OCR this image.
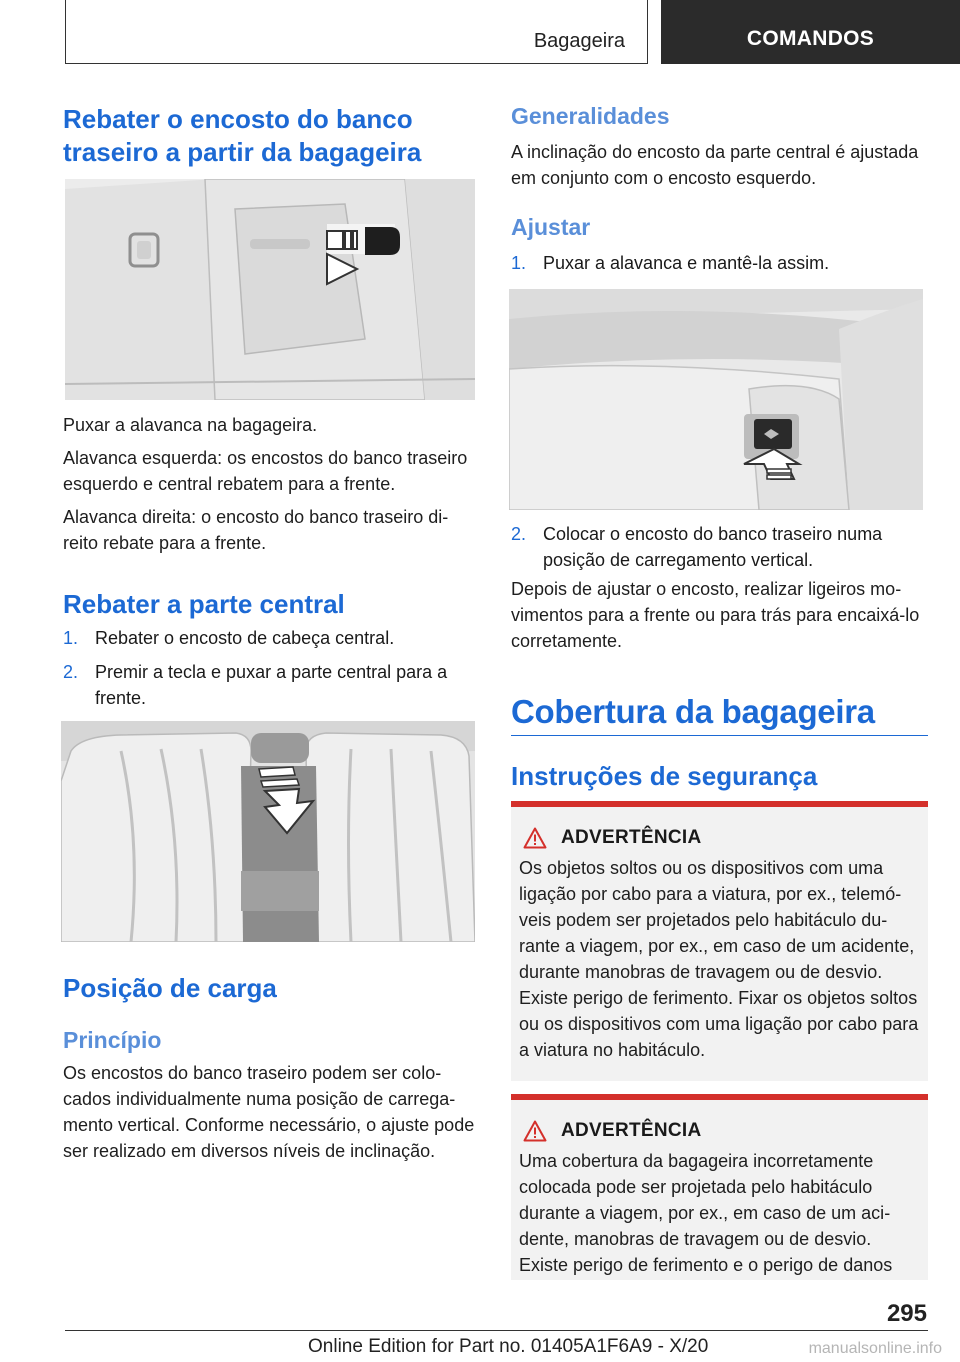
Bagageira	COMANDOS
Rebater o encosto do banco traseiro a partir da bagageira

Puxar a alavanca na bagageira.

Alavanca esquerda: os encostos do banco traseiro esquerdo e central rebatem para a frente.

Alavanca direita: o encosto do banco traseiro direito rebate para a frente.

Rebater a parte central
1. Rebater o encosto de cabeça central.
2. Premir a tecla e puxar a parte central para a frente.
Posição de carga
Princípio

Os encostos do banco traseiro podem ser colocados individualmente numa posição de carregamento vertical. Conforme necessário, o ajuste pode ser realizado em diversos níveis de inclinação.

Generalidades

A inclinação do encosto da parte central é ajustada em conjunto com o encosto esquerdo.

Ajustar
1. Puxar a alavanca e mantê-la assim.
2. Colocar o encosto do banco traseiro numa posição de carregamento vertical.

Depois de ajustar o encosto, realizar ligeiros movimentos para a frente ou para trás para encaixá-lo corretamente.

Cobertura da bagageira
Instruções de segurança
ADVERTÊNCIA

Os objetos soltos ou os dispositivos com uma ligação por cabo para a viatura, por ex., telemóveis podem ser projetados pelo habitáculo durante a viagem, por ex., em caso de um acidente, durante manobras de travagem ou de desvio. Existe perigo de ferimento. Fixar os objetos soltos ou os dispositivos com uma ligação por cabo para a viatura no habitáculo.

ADVERTÊNCIA

Uma cobertura da bagageira incorretamente colocada pode ser projetada pelo habitáculo durante a viagem, por ex., em caso de um acidente, manobras de travagem ou de desvio. Existe perigo de ferimento e o perigo de danos

295
Online Edition for Part no. 01405A1F6A9 - X/20	manualsonline.info
